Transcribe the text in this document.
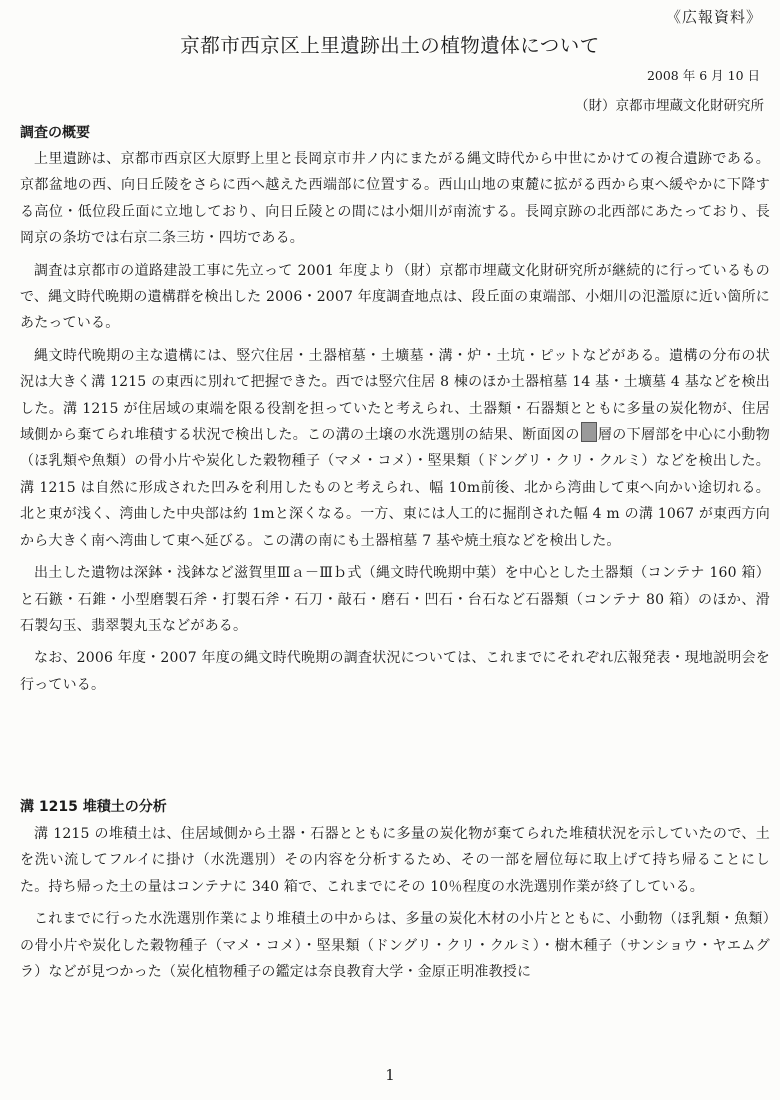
《広報資料》
京都市西京区上里遺跡出土の植物遺体について
2008 年 6 月 10 日
（財）京都市埋蔵文化財研究所
調査の概要

上里遺跡は、京都市西京区大原野上里と長岡京市井ノ内にまたがる縄文時代から中世にかけての複合遺跡である。京都盆地の西、向日丘陵をさらに西へ越えた西端部に位置する。西山山地の東麓に拡がる西から東へ緩やかに下降する高位・低位段丘面に立地しており、向日丘陵との間には小畑川が南流する。長岡京跡の北西部にあたっており、長岡京の条坊では右京二条三坊・四坊である。

調査は京都市の道路建設工事に先立って 2001 年度より（財）京都市埋蔵文化財研究所が継続的に行っているもので、縄文時代晩期の遺構群を検出した 2006・2007 年度調査地点は、段丘面の東端部、小畑川の氾濫原に近い箇所にあたっている。

縄文時代晩期の主な遺構には、竪穴住居・土器棺墓・土壙墓・溝・炉・土坑・ピットなどがある。遺構の分布の状況は大きく溝 1215 の東西に別れて把握できた。西では竪穴住居 8 棟のほか土器棺墓 14 基・土壙墓 4 基などを検出した。溝 1215 が住居域の東端を限る役割を担っていたと考えられ、土器類・石器類とともに多量の炭化物が、住居域側から棄てられ堆積する状況で検出した。この溝の土壌の水洗選別の結果、断面図の 層の下層部を中心に小動物（ほ乳類や魚類）の骨小片や炭化した穀物種子（マメ・コメ）・堅果類（ドングリ・クリ・クルミ）などを検出した。溝 1215 は自然に形成された凹みを利用したものと考えられ、幅 10m前後、北から湾曲して東へ向かい途切れる。北と東が浅く、湾曲した中央部は約 1mと深くなる。一方、東には人工的に掘削された幅 4 m の溝 1067 が東西方向から大きく南へ湾曲して東へ延びる。この溝の南にも土器棺墓 7 基や焼土痕などを検出した。

出土した遺物は深鉢・浅鉢など滋賀里Ⅲａ－Ⅲｂ式（縄文時代晩期中葉）を中心とした土器類（コンテナ 160 箱）と石鏃・石錐・小型磨製石斧・打製石斧・石刀・敲石・磨石・凹石・台石など石器類（コンテナ 80 箱）のほか、滑石製勾玉、翡翠製丸玉などがある。

なお、2006 年度・2007 年度の縄文時代晩期の調査状況については、これまでにそれぞれ広報発表・現地説明会を行っている。

溝 1215 堆積土の分析

溝 1215 の堆積土は、住居域側から土器・石器とともに多量の炭化物が棄てられた堆積状況を示していたので、土を洗い流してフルイに掛け（水洗選別）その内容を分析するため、その一部を層位毎に取上げて持ち帰ることにした。持ち帰った土の量はコンテナに 340 箱で、これまでにその 10％程度の水洗選別作業が終了している。

これまでに行った水洗選別作業により堆積土の中からは、多量の炭化木材の小片とともに、小動物（ほ乳類・魚類）の骨小片や炭化した穀物種子（マメ・コメ）・堅果類（ドングリ・クリ・クルミ）・樹木種子（サンショウ・ヤエムグラ）などが見つかった（炭化植物種子の鑑定は奈良教育大学・金原正明准教授に

1
